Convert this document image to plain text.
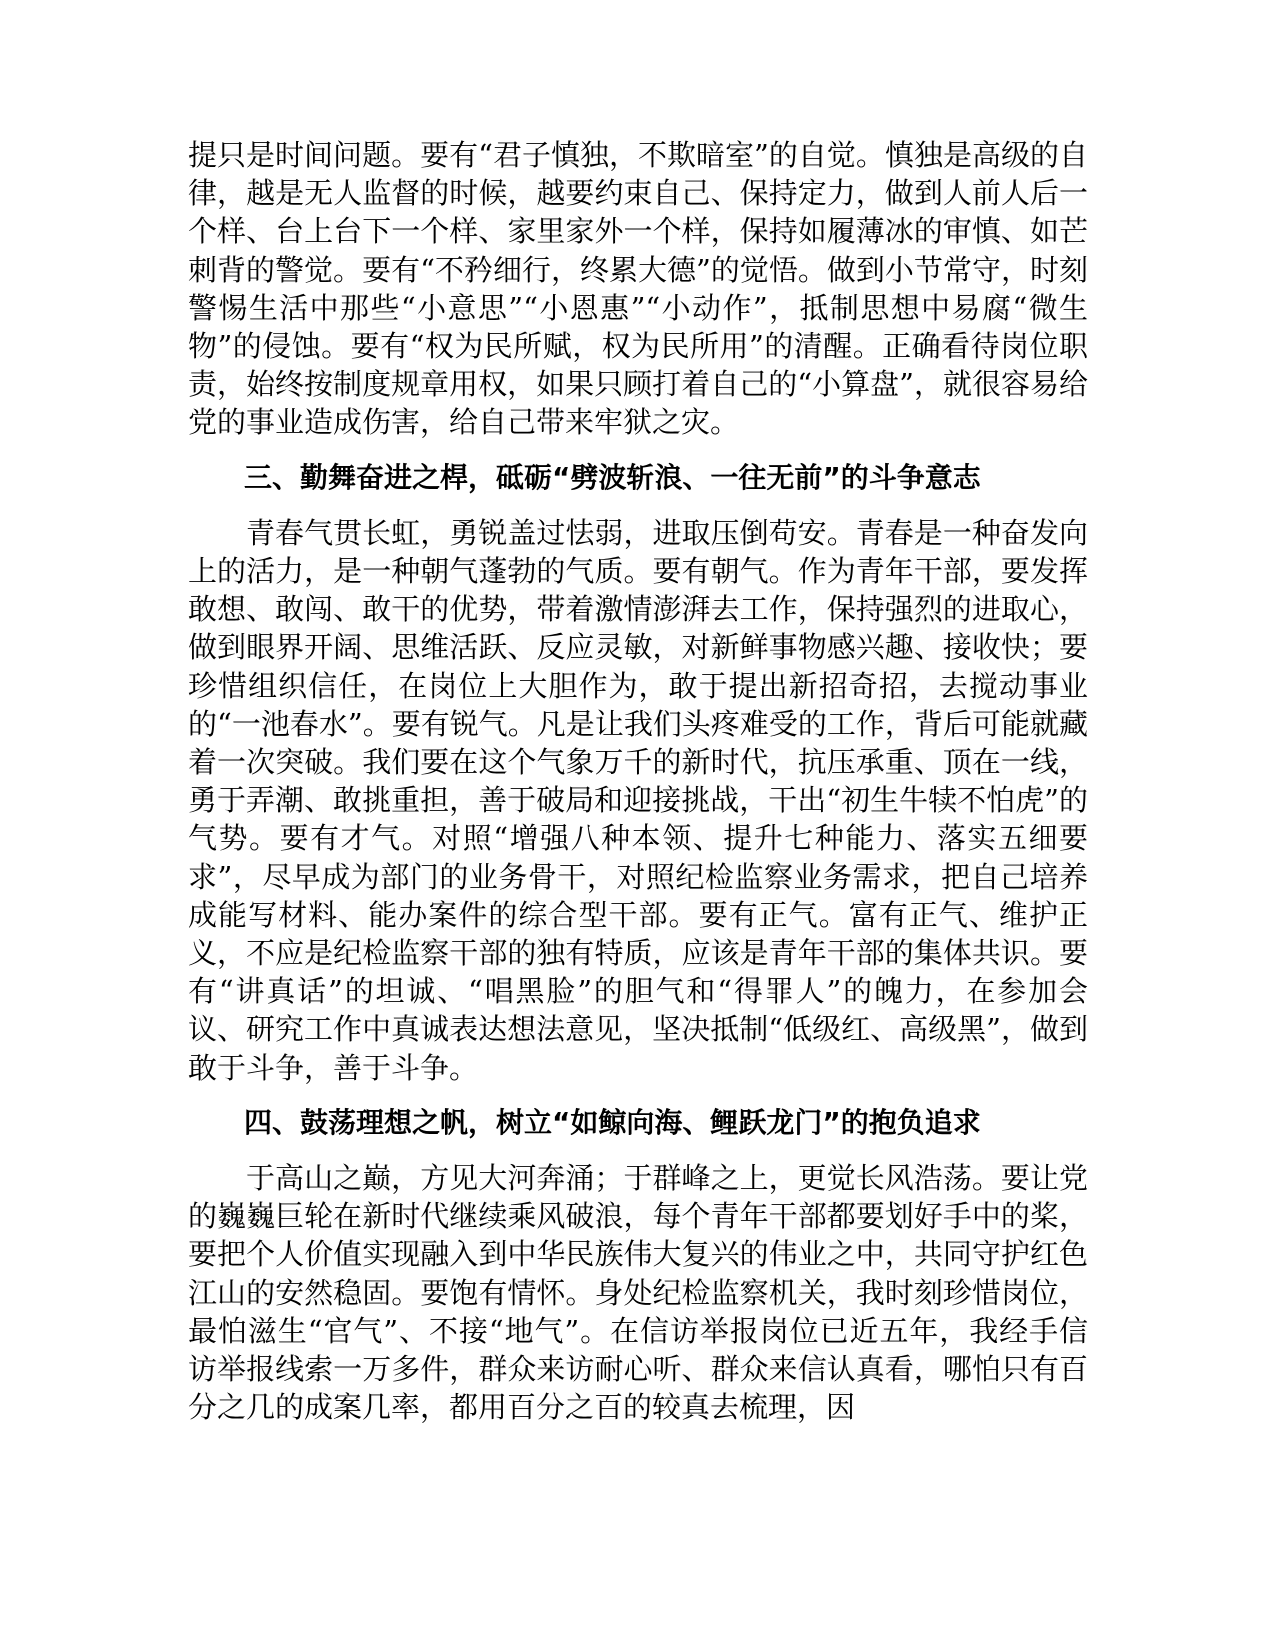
提只是时间问题。要有“君子慎独，不欺暗室”的自觉。慎独是高级的自律，越是无人监督的时候，越要约束自己、保持定力，做到人前人后一个样、台上台下一个样、家里家外一个样，保持如履薄冰的审慎、如芒刺背的警觉。要有“不矜细行，终累大德”的觉悟。做到小节常守，时刻警惕生活中那些“小意思”“小恩惠”“小动作”，抵制思想中易腐“微生物”的侵蚀。要有“权为民所赋，权为民所用”的清醒。正确看待岗位职责，始终按制度规章用权，如果只顾打着自己的“小算盘”，就很容易给党的事业造成伤害，给自己带来牢狱之灾。

三、勤舞奋进之桿，砥砺“劈波斩浪、一往无前”的斗争意志

青春气贯长虹，勇锐盖过怯弱，进取压倒苟安。青春是一种奋发向上的活力，是一种朝气蓬勃的气质。要有朝气。作为青年干部，要发挥敢想、敢闯、敢干的优势，带着激情澎湃去工作，保持强烈的进取心，做到眼界开阔、思维活跃、反应灵敏，对新鲜事物感兴趣、接收快；要珍惜组织信任，在岗位上大胆作为，敢于提出新招奇招，去搅动事业的“一池春水”。要有锐气。凡是让我们头疼难受的工作，背后可能就藏着一次突破。我们要在这个气象万千的新时代，抗压承重、顶在一线，勇于弄潮、敢挑重担，善于破局和迎接挑战，干出“初生牛犊不怕虎”的气势。要有才气。对照“增强八种本领、提升七种能力、落实五细要求”，尽早成为部门的业务骨干，对照纪检监察业务需求，把自己培养成能写材料、能办案件的综合型干部。要有正气。富有正气、维护正义，不应是纪检监察干部的独有特质，应该是青年干部的集体共识。要有“讲真话”的坦诚、“唱黑脸”的胆气和“得罪人”的魄力，在参加会议、研究工作中真诚表达想法意见，坚决抵制“低级红、高级黑”，做到敢于斗争，善于斗争。

四、鼓荡理想之帆，树立“如鲸向海、鲤跃龙门”的抱负追求

于高山之巅，方见大河奔涌；于群峰之上，更觉长风浩荡。要让党的巍巍巨轮在新时代继续乘风破浪，每个青年干部都要划好手中的桨，要把个人价值实现融入到中华民族伟大复兴的伟业之中，共同守护红色江山的安然稳固。要饱有情怀。身处纪检监察机关，我时刻珍惜岗位，最怕滋生“官气”、不接“地气”。在信访举报岗位已近五年，我经手信访举报线索一万多件，群众来访耐心听、群众来信认真看，哪怕只有百分之几的成案几率，都用百分之百的较真去梳理，因
